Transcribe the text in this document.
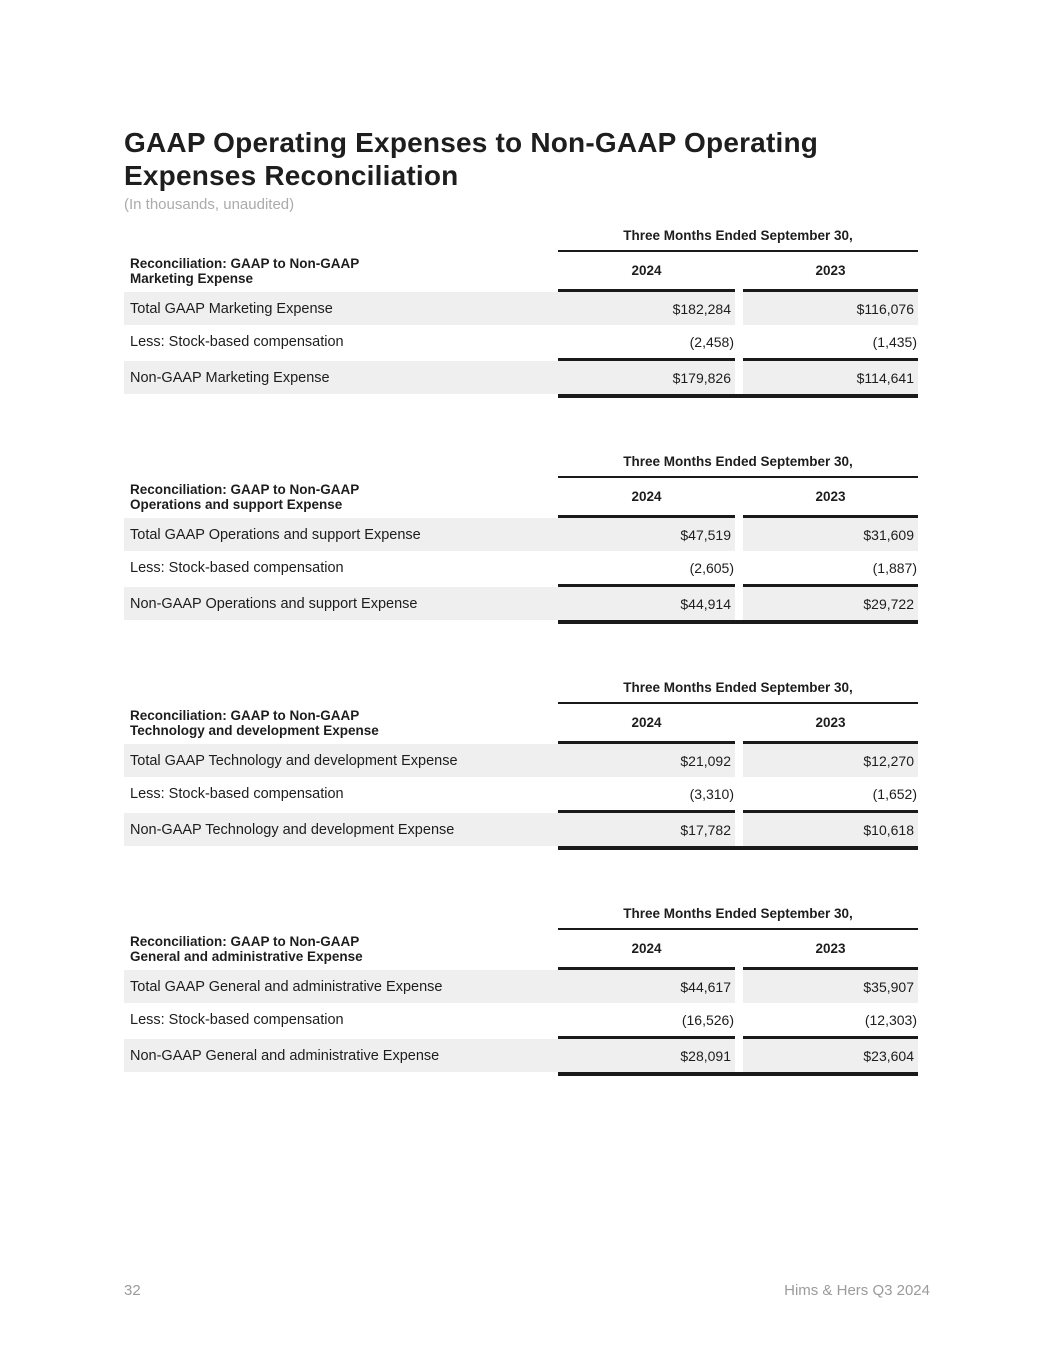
GAAP Operating Expenses to Non-GAAP Operating Expenses Reconciliation
(In thousands, unaudited)
Three Months Ended September 30,
Reconciliation: GAAP to Non-GAAP
Marketing Expense	2024	2023
Total GAAP Marketing Expense	$182,284	$116,076
Less: Stock-based compensation	(2,458)	(1,435)
Non-GAAP Marketing Expense	$179,826	$114,641
Three Months Ended September 30,
Reconciliation: GAAP to Non-GAAP
Operations and support Expense	2024	2023
Total GAAP Operations and support Expense	$47,519	$31,609
Less: Stock-based compensation	(2,605)	(1,887)
Non-GAAP Operations and support Expense	$44,914	$29,722
Three Months Ended September 30,
Reconciliation: GAAP to Non-GAAP
Technology and development Expense	2024	2023
Total GAAP Technology and development Expense	$21,092	$12,270
Less: Stock-based compensation	(3,310)	(1,652)
Non-GAAP Technology and development Expense	$17,782	$10,618
Three Months Ended September 30,
Reconciliation: GAAP to Non-GAAP
General and administrative Expense	2024	2023
Total GAAP General and administrative Expense	$44,617	$35,907
Less: Stock-based compensation	(16,526)	(12,303)
Non-GAAP General and administrative Expense	$28,091	$23,604
32	Hims & Hers Q3 2024
